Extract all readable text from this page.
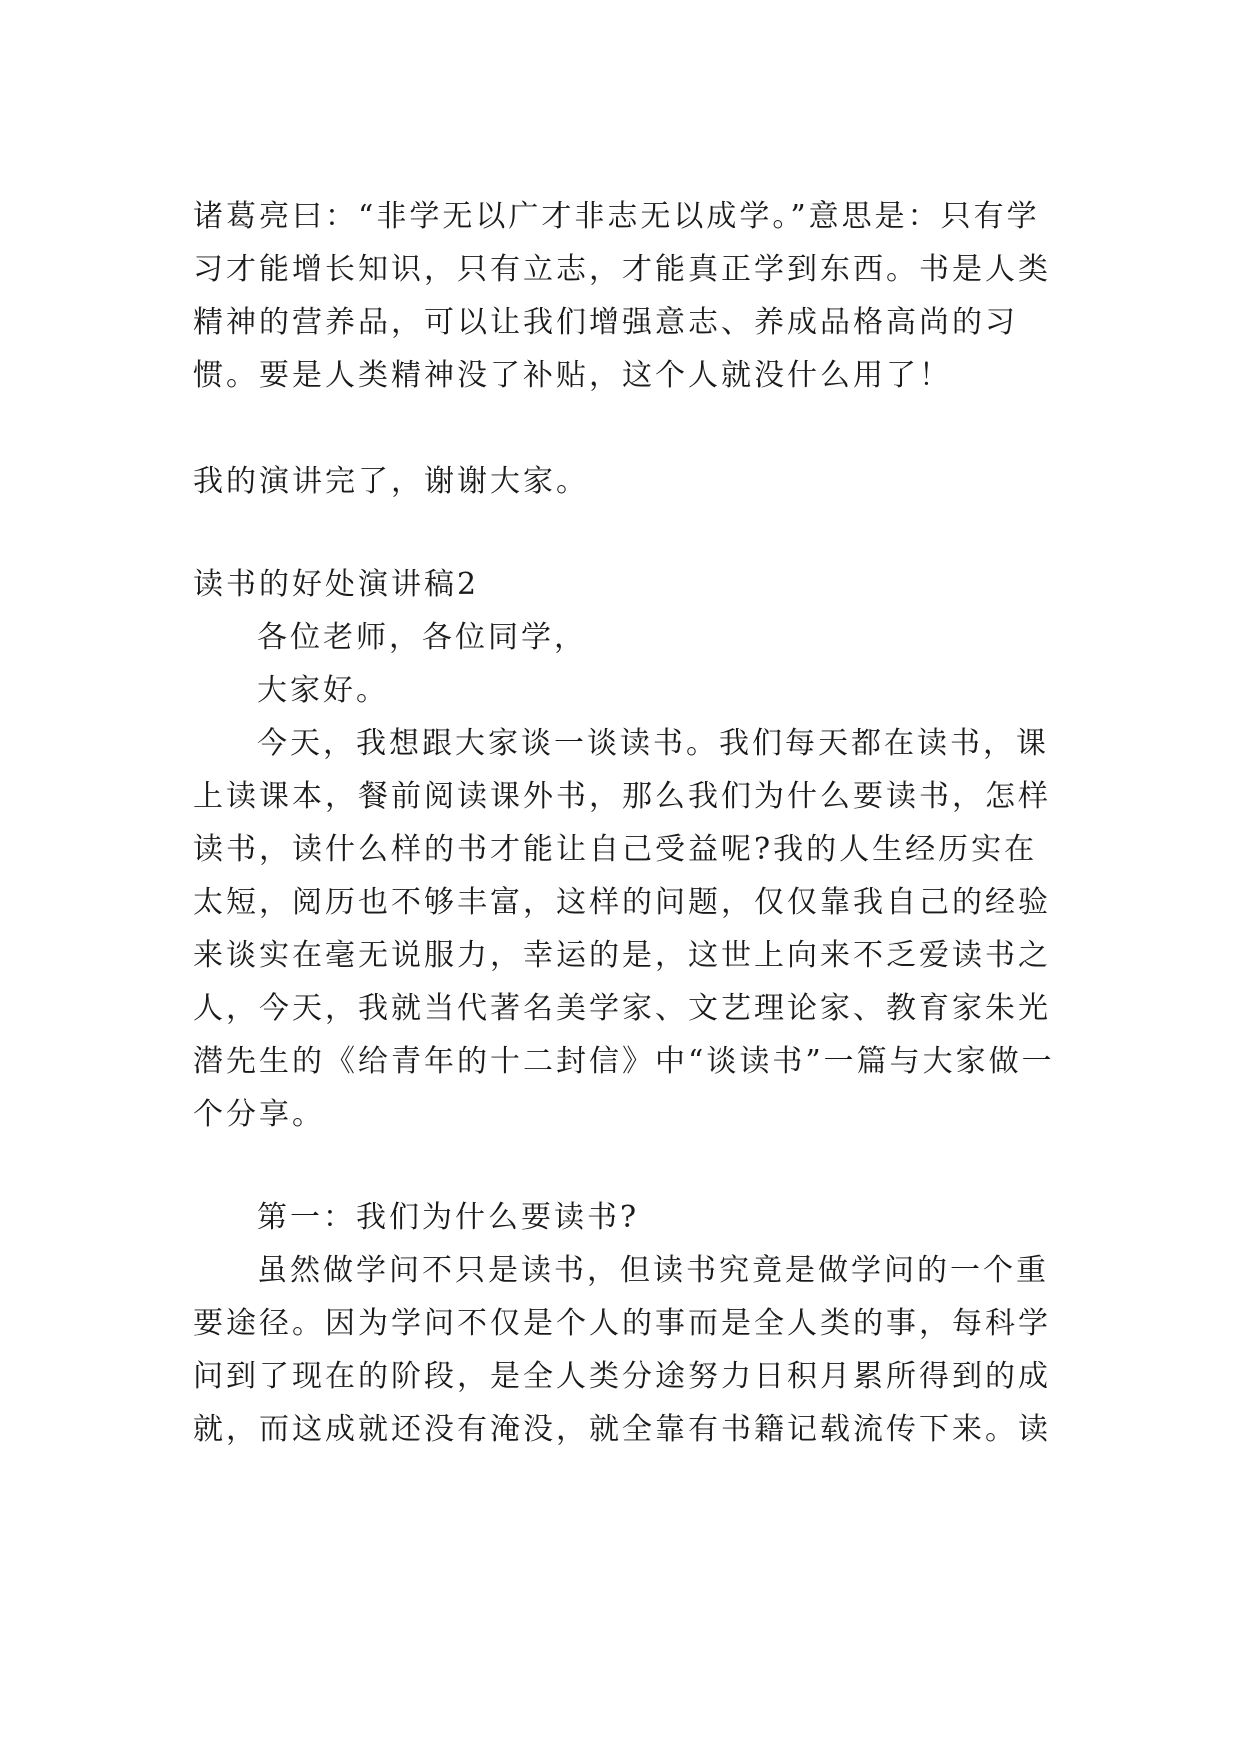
诸葛亮曰：“非学无以广才非志无以成学。”意思是：只有学习才能增长知识，只有立志，才能真正学到东西。书是人类精神的营养品，可以让我们增强意志、养成品格高尚的习惯。要是人类精神没了补贴，这个人就没什么用了！
我的演讲完了，谢谢大家。
读书的好处演讲稿2
各位老师，各位同学，
大家好。
今天，我想跟大家谈一谈读书。我们每天都在读书，课上读课本，餐前阅读课外书，那么我们为什么要读书，怎样读书，读什么样的书才能让自己受益呢?我的人生经历实在太短，阅历也不够丰富，这样的问题，仅仅靠我自己的经验来谈实在毫无说服力，幸运的是，这世上向来不乏爱读书之人，今天，我就当代著名美学家、文艺理论家、教育家朱光潜先生的《给青年的十二封信》中“谈读书”一篇与大家做一个分享。
第一：我们为什么要读书?
虽然做学问不只是读书，但读书究竟是做学问的一个重要途径。因为学问不仅是个人的事而是全人类的事，每科学问到了现在的阶段，是全人类分途努力日积月累所得到的成就，而这成就还没有淹没，就全靠有书籍记载流传下来。读
